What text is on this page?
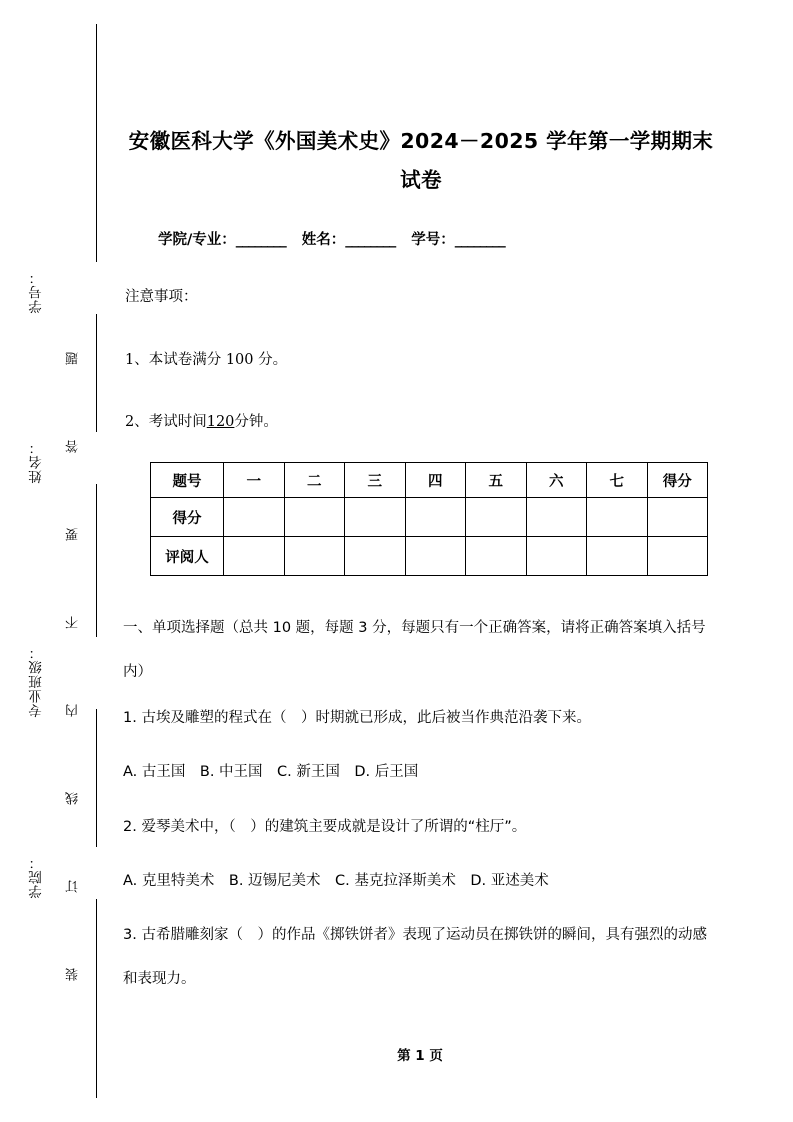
学号：
姓名：
专业班级：
学院：
题
答
要
不
内
线
订
装
安徽医科大学《外国美术史》2024－2025 学年第一学期期末试卷
学院/专业：________ 姓名：________ 学号：________
注意事项：
1、本试卷满分 100 分。
2、考试时间120分钟。
题号	一	二	三	四	五	六	七	得分
得分								
评阅人								
一、单项选择题（总共 10 题，每题 3 分，每题只有一个正确答案，请将正确答案填入括号内）
1. 古埃及雕塑的程式在（　）时期就已形成，此后被当作典范沿袭下来。
A. 古王国　B. 中王国　C. 新王国　D. 后王国
2. 爱琴美术中，（　）的建筑主要成就是设计了所谓的“柱厅”。
A. 克里特美术　B. 迈锡尼美术　C. 基克拉泽斯美术　D. 亚述美术
3. 古希腊雕刻家（　）的作品《掷铁饼者》表现了运动员在掷铁饼的瞬间，具有强烈的动感和表现力。
第 1 页
